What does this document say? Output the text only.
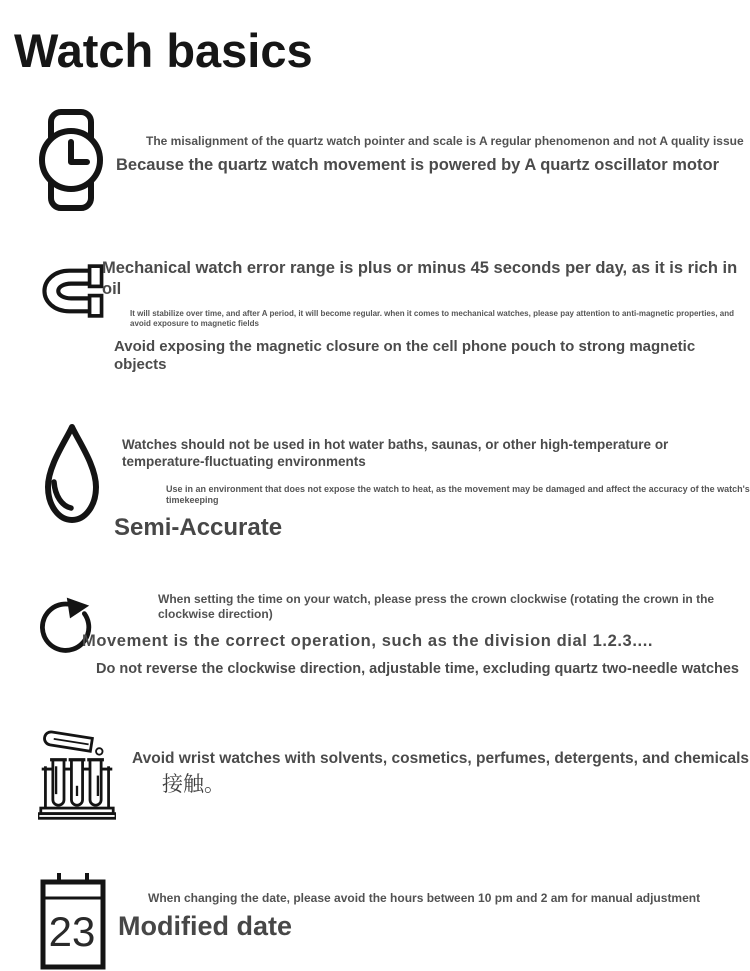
Watch basics
The misalignment of the quartz watch pointer and scale is A regular phenomenon and not A quality issue
Because the quartz watch movement is powered by A quartz oscillator motor
Mechanical watch error range is plus or minus 45 seconds per day, as it is rich in oil
It will stabilize over time, and after A period, it will become regular. when it comes to mechanical watches, please pay attention to anti-magnetic properties, and avoid exposure to magnetic fields
Avoid exposing the magnetic closure on the cell phone pouch to strong magnetic objects
Watches should not be used in hot water baths, saunas, or other high-temperature or temperature-fluctuating environments
Use in an environment that does not expose the watch to heat, as the movement may be damaged and affect the accuracy of the watch's timekeeping
Semi-Accurate
When setting the time on your watch, please press the crown clockwise (rotating the crown in the clockwise direction)
Movement is the correct operation, such as the division dial 1.2.3....
Do not reverse the clockwise direction, adjustable time, excluding quartz two-needle watches
Avoid wrist watches with solvents, cosmetics, perfumes, detergents, and chemicals
接触。
23
When changing the date, please avoid the hours between 10 pm and 2 am for manual adjustment
Modified date
